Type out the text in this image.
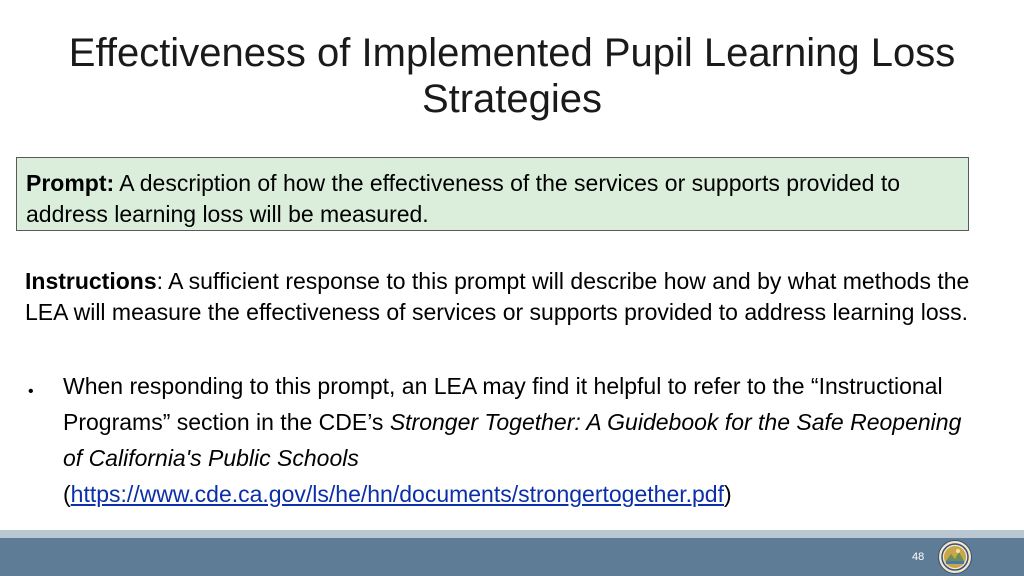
Effectiveness of Implemented Pupil Learning Loss Strategies
Prompt: A description of how the effectiveness of the services or supports provided to address learning loss will be measured.
Instructions: A sufficient response to this prompt will describe how and by what methods the LEA will measure the effectiveness of services or supports provided to address learning loss.
• When responding to this prompt, an LEA may find it helpful to refer to the “Instructional Programs” section in the CDE’s Stronger Together: A Guidebook for the Safe Reopening of California's Public Schools (https://www.cde.ca.gov/ls/he/hn/documents/strongertogether.pdf)
48
